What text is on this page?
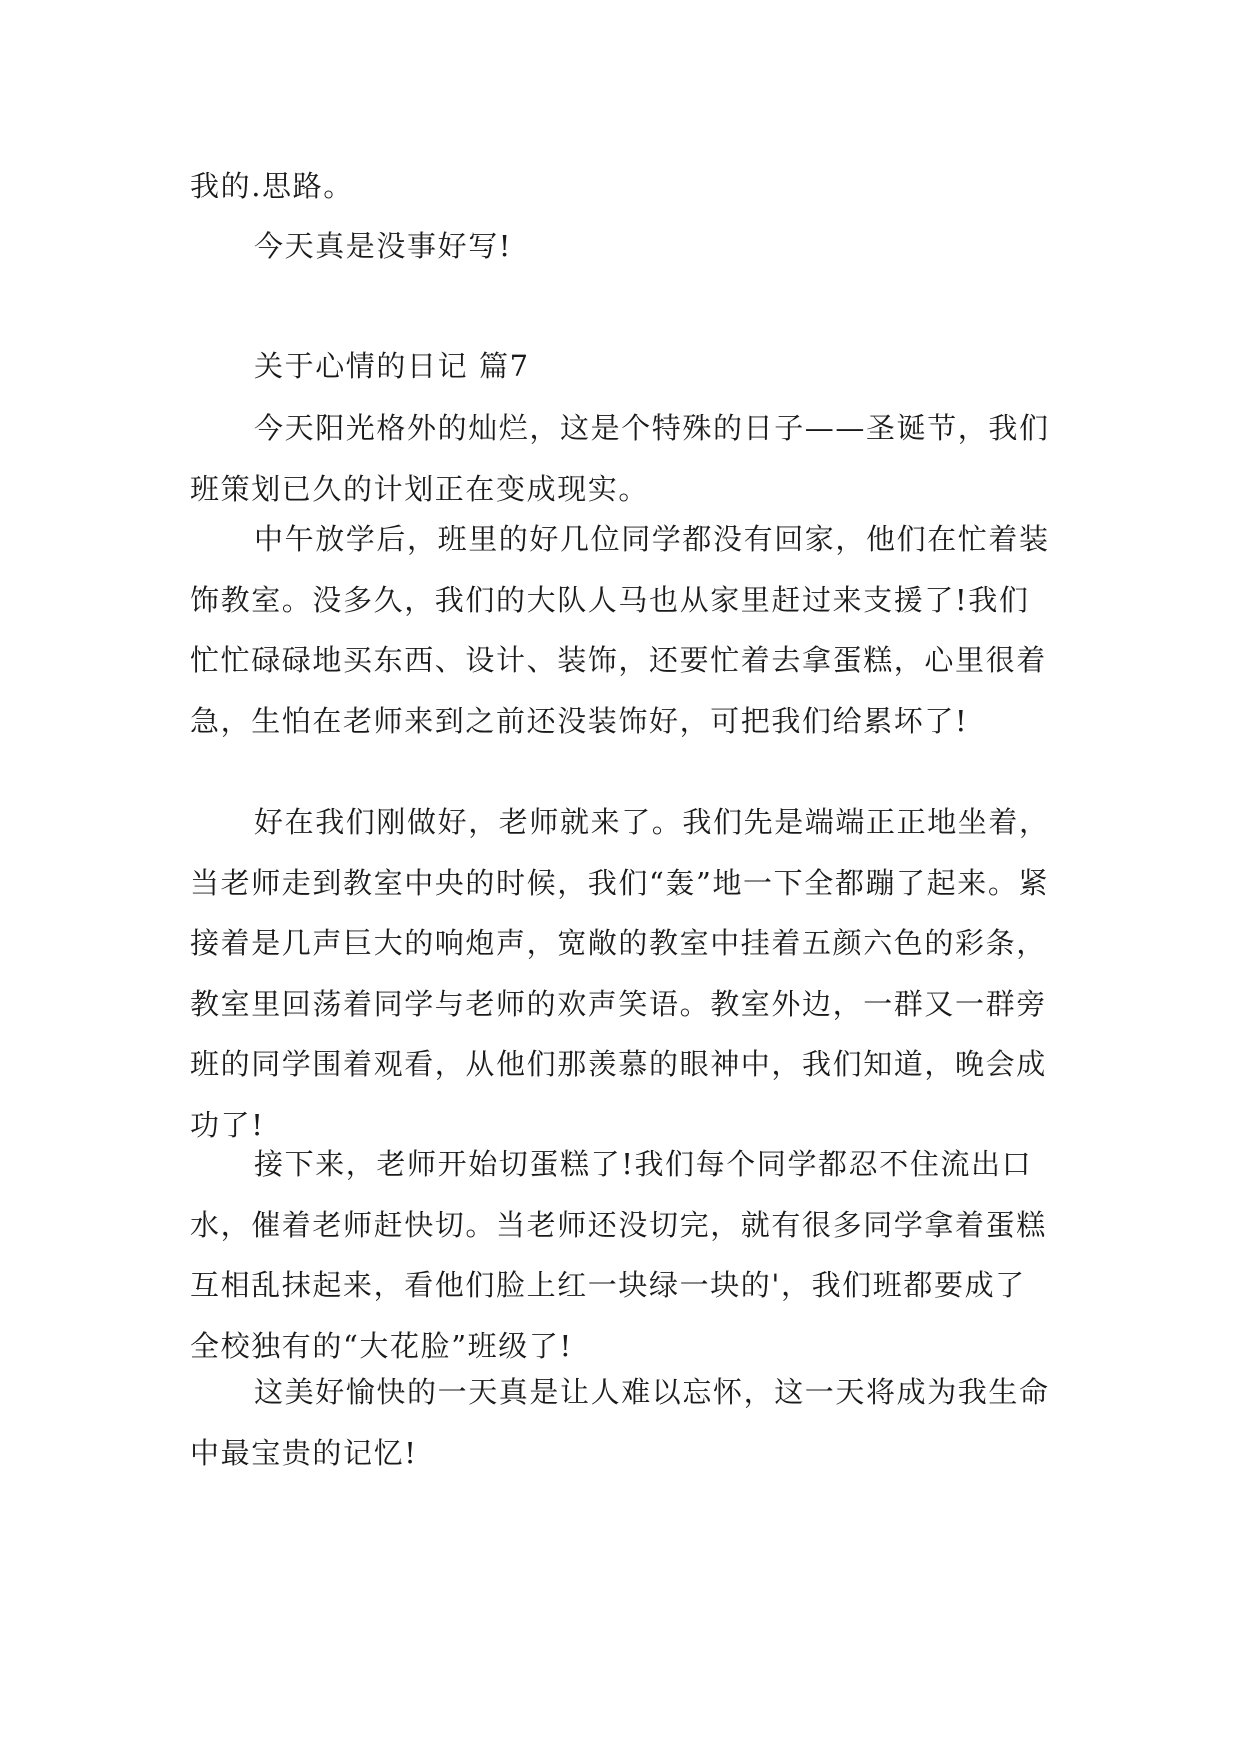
我的.思路。

今天真是没事好写!

关于心情的日记 篇7

今天阳光格外的灿烂，这是个特殊的日子——圣诞节，我们班策划已久的计划正在变成现实。

中午放学后，班里的好几位同学都没有回家，他们在忙着装饰教室。没多久，我们的大队人马也从家里赶过来支援了!我们忙忙碌碌地买东西、设计、装饰，还要忙着去拿蛋糕，心里很着急，生怕在老师来到之前还没装饰好，可把我们给累坏了!

好在我们刚做好，老师就来了。我们先是端端正正地坐着，当老师走到教室中央的时候，我们“轰”地一下全都蹦了起来。紧接着是几声巨大的响炮声，宽敞的教室中挂着五颜六色的彩条，教室里回荡着同学与老师的欢声笑语。教室外边，一群又一群旁班的同学围着观看，从他们那羡慕的眼神中，我们知道，晚会成功了!

接下来，老师开始切蛋糕了!我们每个同学都忍不住流出口水，催着老师赶快切。当老师还没切完，就有很多同学拿着蛋糕互相乱抹起来，看他们脸上红一块绿一块的'，我们班都要成了全校独有的“大花脸”班级了!

这美好愉快的一天真是让人难以忘怀，这一天将成为我生命中最宝贵的记忆!
